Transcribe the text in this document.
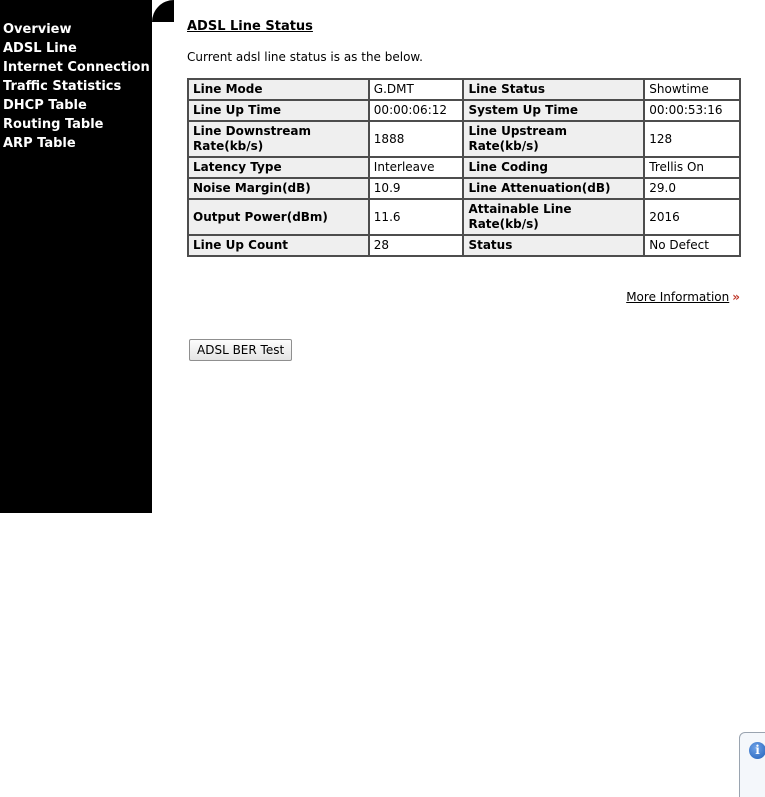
Overview
ADSL Line
Internet Connection
Traffic Statistics
DHCP Table
Routing Table
ARP Table
ADSL Line Status

Current adsl line status is as the below.

Line Mode	G.DMT	Line Status	Showtime
Line Up Time	00:00:06:12	System Up Time	00:00:53:16
Line Downstream Rate(kb/s)	1888	Line Upstream Rate(kb/s)	128
Latency Type	Interleave	Line Coding	Trellis On
Noise Margin(dB)	10.9	Line Attenuation(dB)	29.0
Output Power(dBm)	11.6	Attainable Line Rate(kb/s)	2016
Line Up Count	28	Status	No Defect
More Information »
ADSL BER Test
i
